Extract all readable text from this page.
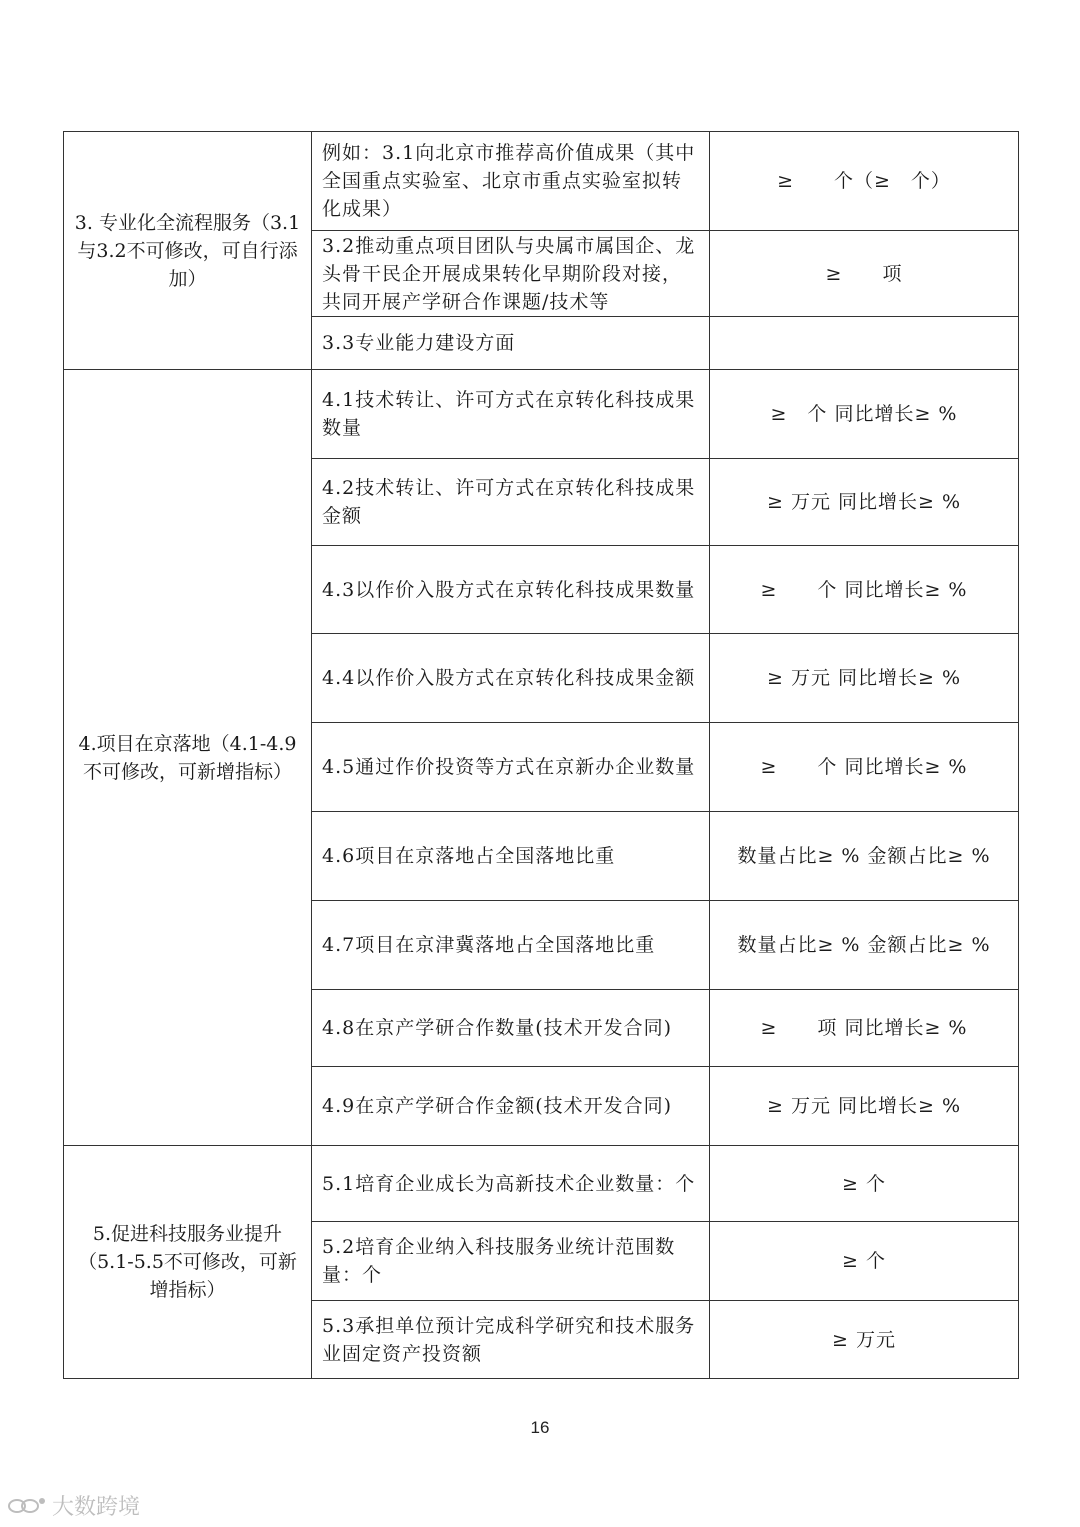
3. 专业化全流程服务（3.1与3.2不可修改，可自行添加）	例如：3.1向北京市推荐高价值成果（其中全国重点实验室、北京市重点实验室拟转化成果）	≥　　个（≥　个）
	3.2推动重点项目团队与央属市属国企、龙头骨干民企开展成果转化早期阶段对接，共同开展产学研合作课题/技术等	≥　　项
	3.3专业能力建设方面	
4.项目在京落地（4.1-4.9不可修改，可新增指标）	4.1技术转让、许可方式在京转化科技成果数量	≥　个 同比增长≥ %
	4.2技术转让、许可方式在京转化科技成果金额	≥ 万元 同比增长≥ %
	4.3以作价入股方式在京转化科技成果数量	≥　　个 同比增长≥ %
	4.4以作价入股方式在京转化科技成果金额	≥ 万元 同比增长≥ %
	4.5通过作价投资等方式在京新办企业数量	≥　　个 同比增长≥ %
	4.6项目在京落地占全国落地比重	数量占比≥ % 金额占比≥ %
	4.7项目在京津冀落地占全国落地比重	数量占比≥ % 金额占比≥ %
	4.8在京产学研合作数量(技术开发合同)	≥　　项 同比增长≥ %
	4.9在京产学研合作金额(技术开发合同)	≥ 万元 同比增长≥ %
5.促进科技服务业提升（5.1-5.5不可修改，可新增指标）	5.1培育企业成长为高新技术企业数量：个	≥ 个
	5.2培育企业纳入科技服务业统计范围数量：个	≥ 个
	5.3承担单位预计完成科学研究和技术服务业固定资产投资额	≥ 万元
16
大数跨境
